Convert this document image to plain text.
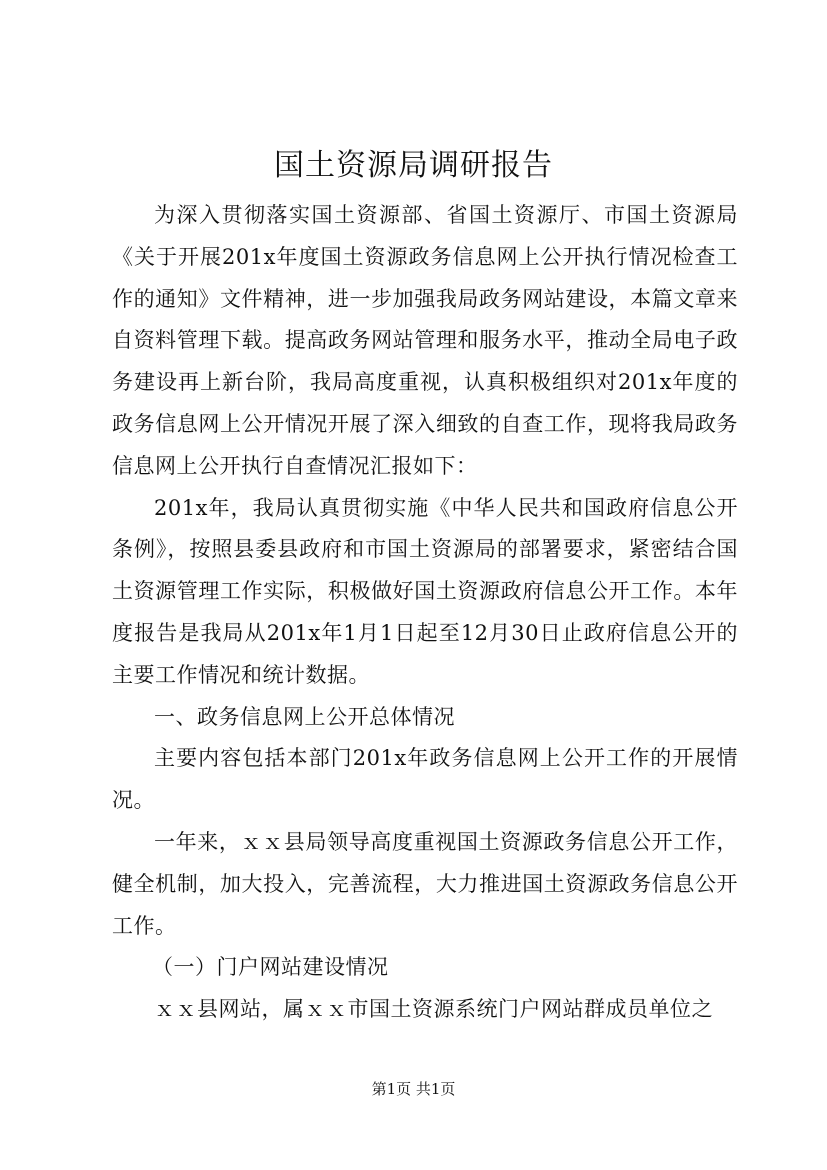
国土资源局调研报告

为深入贯彻落实国土资源部、省国土资源厅、市国土资源局《关于开展201x年度国土资源政务信息网上公开执行情况检查工作的通知》文件精神，进一步加强我局政务网站建设，本篇文章来自资料管理下载。提高政务网站管理和服务水平，推动全局电子政务建设再上新台阶，我局高度重视，认真积极组织对201x年度的政务信息网上公开情况开展了深入细致的自查工作，现将我局政务信息网上公开执行自查情况汇报如下：

201x年，我局认真贯彻实施《中华人民共和国政府信息公开条例》，按照县委县政府和市国土资源局的部署要求，紧密结合国土资源管理工作实际，积极做好国土资源政府信息公开工作。本年度报告是我局从201x年1月1日起至12月30日止政府信息公开的主要工作情况和统计数据。

一、政务信息网上公开总体情况

主要内容包括本部门201x年政务信息网上公开工作的开展情况。

一年来，ｘｘ县局领导高度重视国土资源政务信息公开工作，健全机制，加大投入，完善流程，大力推进国土资源政务信息公开工作。

（一）门户网站建设情况

ｘｘ县网站，属ｘｘ市国土资源系统门户网站群成员单位之

第1页 共1页
